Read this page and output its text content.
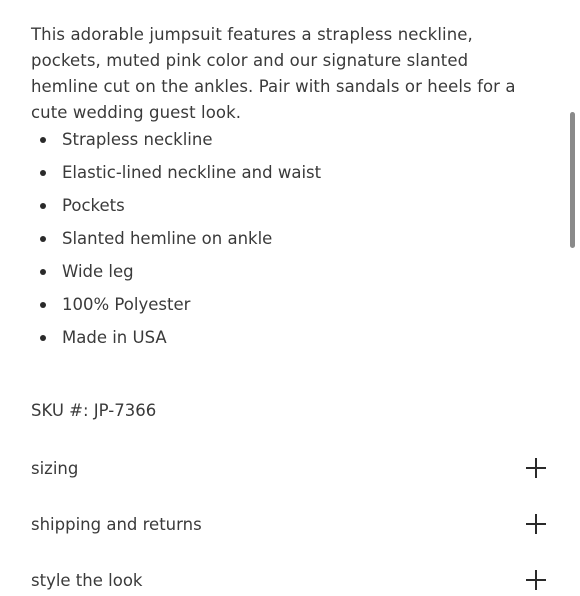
This adorable jumpsuit features a strapless neckline, pockets, muted pink color and our signature slanted hemline cut on the ankles. Pair with sandals or heels for a cute wedding guest look.

Strapless neckline
Elastic-lined neckline and waist
Pockets
Slanted hemline on ankle
Wide leg
100% Polyester
Made in USA
SKU #: JP-7366
sizing
shipping and returns
style the look
